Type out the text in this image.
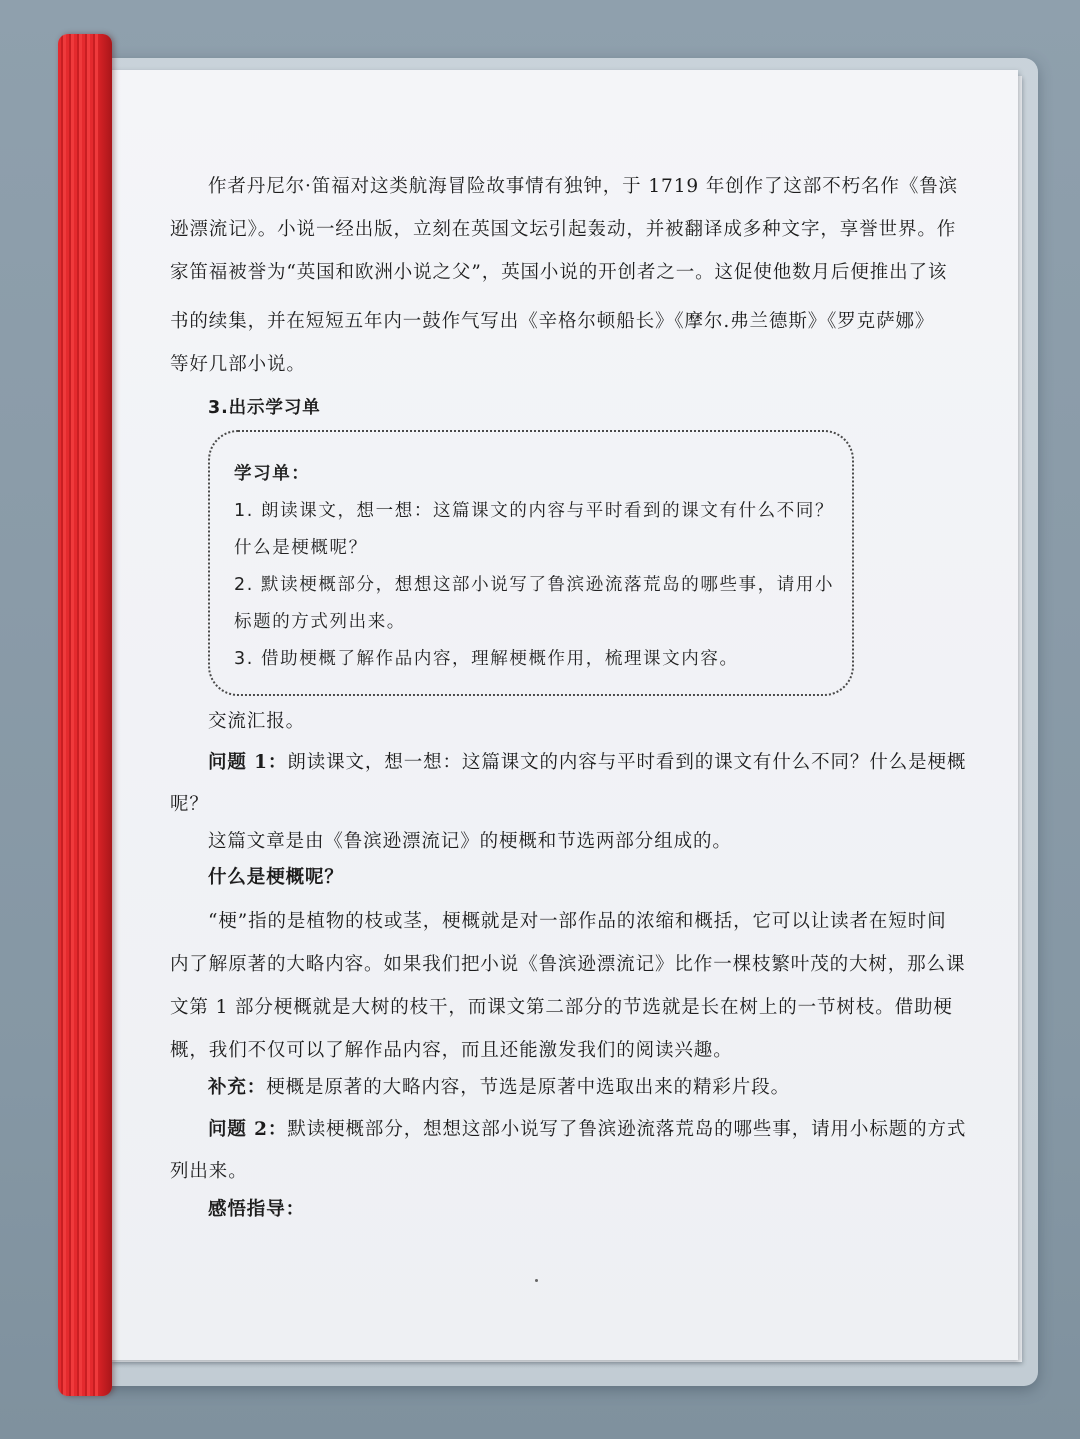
作者丹尼尔·笛福对这类航海冒险故事情有独钟，于 1719 年创作了这部不朽名作《鲁滨

逊漂流记》。小说一经出版，立刻在英国文坛引起轰动，并被翻译成多种文字，享誉世界。作

家笛福被誉为“英国和欧洲小说之父”，英国小说的开创者之一。这促使他数月后便推出了该

书的续集，并在短短五年内一鼓作气写出《辛格尔顿船长》《摩尔.弗兰德斯》《罗克萨娜》

等好几部小说。

3.出示学习单

学习单：
1. 朗读课文，想一想：这篇课文的内容与平时看到的课文有什么不同？
什么是梗概呢？
2. 默读梗概部分，想想这部小说写了鲁滨逊流落荒岛的哪些事，请用小
标题的方式列出来。
3. 借助梗概了解作品内容，理解梗概作用，梳理课文内容。

交流汇报。

问题 1：朗读课文，想一想：这篇课文的内容与平时看到的课文有什么不同？什么是梗概

呢？

这篇文章是由《鲁滨逊漂流记》的梗概和节选两部分组成的。

什么是梗概呢？

“梗”指的是植物的枝或茎，梗概就是对一部作品的浓缩和概括，它可以让读者在短时间

内了解原著的大略内容。如果我们把小说《鲁滨逊漂流记》比作一棵枝繁叶茂的大树，那么课

文第 1 部分梗概就是大树的枝干，而课文第二部分的节选就是长在树上的一节树枝。借助梗

概，我们不仅可以了解作品内容，而且还能激发我们的阅读兴趣。

补充：梗概是原著的大略内容，节选是原著中选取出来的精彩片段。

问题 2：默读梗概部分，想想这部小说写了鲁滨逊流落荒岛的哪些事，请用小标题的方式

列出来。

感悟指导：
